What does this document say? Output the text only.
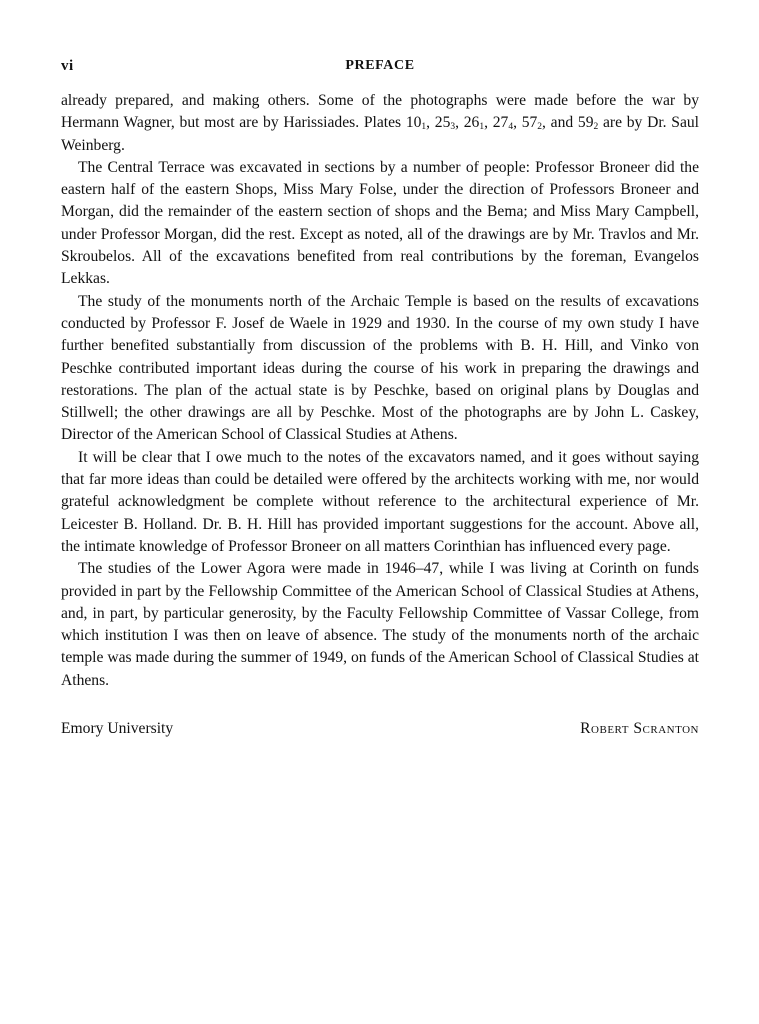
vi	PREFACE

already prepared, and making others. Some of the photographs were made before the war by Hermann Wagner, but most are by Harissiades. Plates $10_1$, $25_3$, $26_1$, $27_4$, $57_2$, and $59_2$ are by Dr. Saul Weinberg.

The Central Terrace was excavated in sections by a number of people: Professor Broneer did the eastern half of the eastern Shops, Miss Mary Folse, under the direction of Professors Broneer and Morgan, did the remainder of the eastern section of shops and the Bema; and Miss Mary Campbell, under Professor Morgan, did the rest. Except as noted, all of the drawings are by Mr. Travlos and Mr. Skroubelos. All of the excavations benefited from real contributions by the foreman, Evangelos Lekkas.

The study of the monuments north of the Archaic Temple is based on the results of excavations conducted by Professor F. Josef de Waele in 1929 and 1930. In the course of my own study I have further benefited substantially from discussion of the problems with B. H. Hill, and Vinko von Peschke contributed important ideas during the course of his work in preparing the drawings and restorations. The plan of the actual state is by Peschke, based on original plans by Douglas and Stillwell; the other drawings are all by Peschke. Most of the photographs are by John L. Caskey, Director of the American School of Classical Studies at Athens.

It will be clear that I owe much to the notes of the excavators named, and it goes without saying that far more ideas than could be detailed were offered by the architects working with me, nor would grateful acknowledgment be complete without reference to the architectural experience of Mr. Leicester B. Holland. Dr. B. H. Hill has provided important suggestions for the account. Above all, the intimate knowledge of Professor Broneer on all matters Corinthian has influenced every page.

The studies of the Lower Agora were made in 1946–47, while I was living at Corinth on funds provided in part by the Fellowship Committee of the American School of Classical Studies at Athens, and, in part, by particular generosity, by the Faculty Fellowship Committee of Vassar College, from which institution I was then on leave of absence. The study of the monuments north of the archaic temple was made during the summer of 1949, on funds of the American School of Classical Studies at Athens.

Emory University	Robert Scranton
